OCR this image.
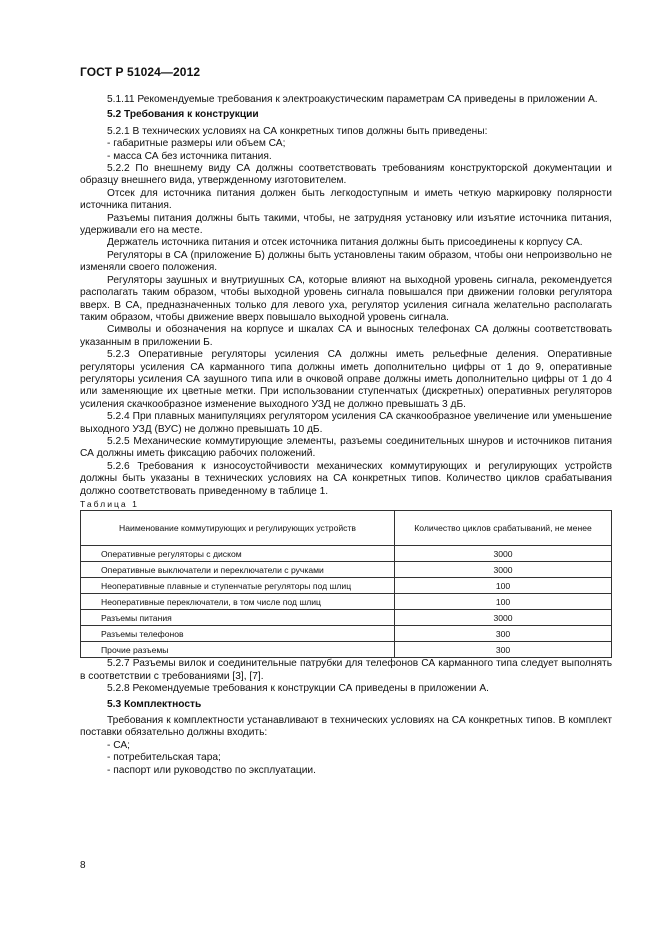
ГОСТ Р 51024—2012

5.1.11 Рекомендуемые требования к электроакустическим параметрам СА приведены в приложении А.

5.2 Требования к конструкции

5.2.1 В технических условиях на СА конкретных типов должны быть приведены:

- габаритные размеры или объем СА;

- масса СА без источника питания.

5.2.2 По внешнему виду СА должны соответствовать требованиям конструкторской документации и образцу внешнего вида, утвержденному изготовителем.

Отсек для источника питания должен быть легкодоступным и иметь четкую маркировку полярности источника питания.

Разъемы питания должны быть такими, чтобы, не затрудняя установку или изъятие источника питания, удерживали его на месте.

Держатель источника питания и отсек источника питания должны быть присоединены к корпусу СА.

Регуляторы в СА (приложение Б) должны быть установлены таким образом, чтобы они непроизвольно не изменяли своего положения.

Регуляторы заушных и внутриушных СА, которые влияют на выходной уровень сигнала, рекомендуется располагать таким образом, чтобы выходной уровень сигнала повышался при движении головки регулятора вверх. В СА, предназначенных только для левого уха, регулятор усиления сигнала желательно располагать таким образом, чтобы движение вверх повышало выходной уровень сигнала.

Символы и обозначения на корпусе и шкалах СА и выносных телефонах СА должны соответствовать указанным в приложении Б.

5.2.3 Оперативные регуляторы усиления СА должны иметь рельефные деления. Оперативные регуляторы усиления СА карманного типа должны иметь дополнительно цифры от 1 до 9, оперативные регуляторы усиления СА заушного типа или в очковой оправе должны иметь дополнительно цифры от 1 до 4 или заменяющие их цветные метки. При использовании ступенчатых (дискретных) оперативных регуляторов усиления скачкообразное изменение выходного УЗД не должно превышать 3 дБ.

5.2.4 При плавных манипуляциях регулятором усиления СА скачкообразное увеличение или уменьшение выходного УЗД (ВУС) не должно превышать 10 дБ.

5.2.5 Механические коммутирующие элементы, разъемы соединительных шнуров и источников питания СА должны иметь фиксацию рабочих положений.

5.2.6 Требования к износоустойчивости механических коммутирующих и регулирующих устройств должны быть указаны в технических условиях на СА конкретных типов. Количество циклов срабатывания должно соответствовать приведенному в таблице 1.

Таблица 1

Наименование коммутирующих и регулирующих устройств	Количество циклов срабатываний, не менее
Оперативные регуляторы с диском	3000
Оперативные выключатели и переключатели с ручками	3000
Неоперативные плавные и ступенчатые регуляторы под шлиц	100
Неоперативные переключатели, в том числе под шлиц	100
Разъемы питания	3000
Разъемы телефонов	300
Прочие разъемы	300

5.2.7 Разъемы вилок и соединительные патрубки для телефонов СА карманного типа следует выполнять в соответствии с требованиями [3], [7].

5.2.8 Рекомендуемые требования к конструкции СА приведены в приложении А.

5.3 Комплектность

Требования к комплектности устанавливают в технических условиях на СА конкретных типов. В комплект поставки обязательно должны входить:

- СА;

- потребительская тара;

- паспорт или руководство по эксплуатации.

8
